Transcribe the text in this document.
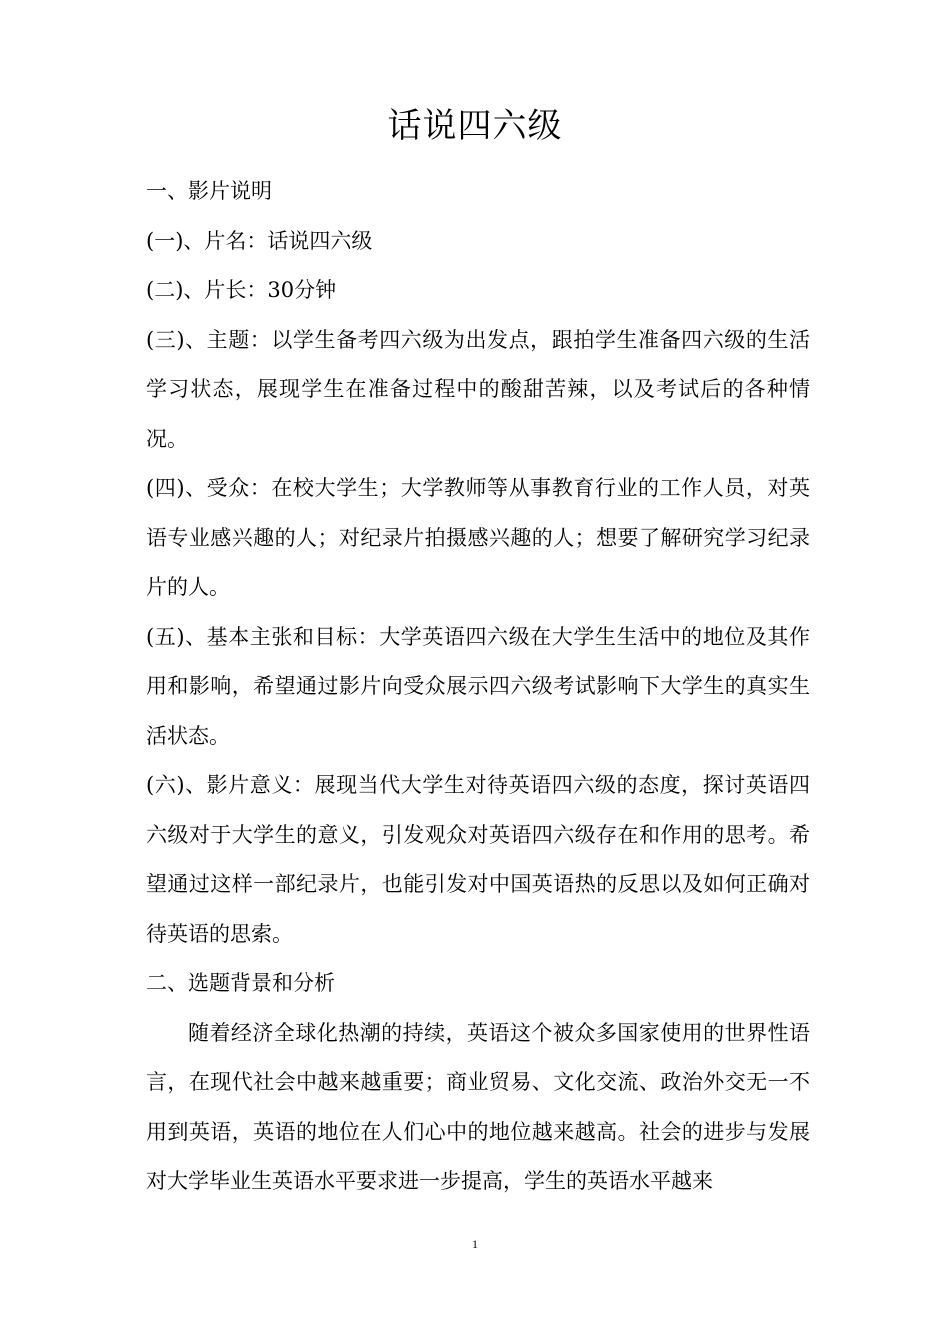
话说四六级

一、影片说明

(一)、片名：话说四六级

(二)、片长：30分钟

(三)、主题：以学生备考四六级为出发点，跟拍学生准备四六级的生活学习状态，展现学生在准备过程中的酸甜苦辣，以及考试后的各种情况。

(四)、受众：在校大学生；大学教师等从事教育行业的工作人员，对英语专业感兴趣的人；对纪录片拍摄感兴趣的人；想要了解研究学习纪录片的人。

(五)、基本主张和目标：大学英语四六级在大学生生活中的地位及其作用和影响，希望通过影片向受众展示四六级考试影响下大学生的真实生活状态。

(六)、影片意义：展现当代大学生对待英语四六级的态度，探讨英语四六级对于大学生的意义，引发观众对英语四六级存在和作用的思考。希望通过这样一部纪录片，也能引发对中国英语热的反思以及如何正确对待英语的思索。

二、选题背景和分析

随着经济全球化热潮的持续，英语这个被众多国家使用的世界性语言，在现代社会中越来越重要；商业贸易、文化交流、政治外交无一不用到英语，英语的地位在人们心中的地位越来越高。社会的进步与发展对大学毕业生英语水平要求进一步提高，学生的英语水平越来

1
